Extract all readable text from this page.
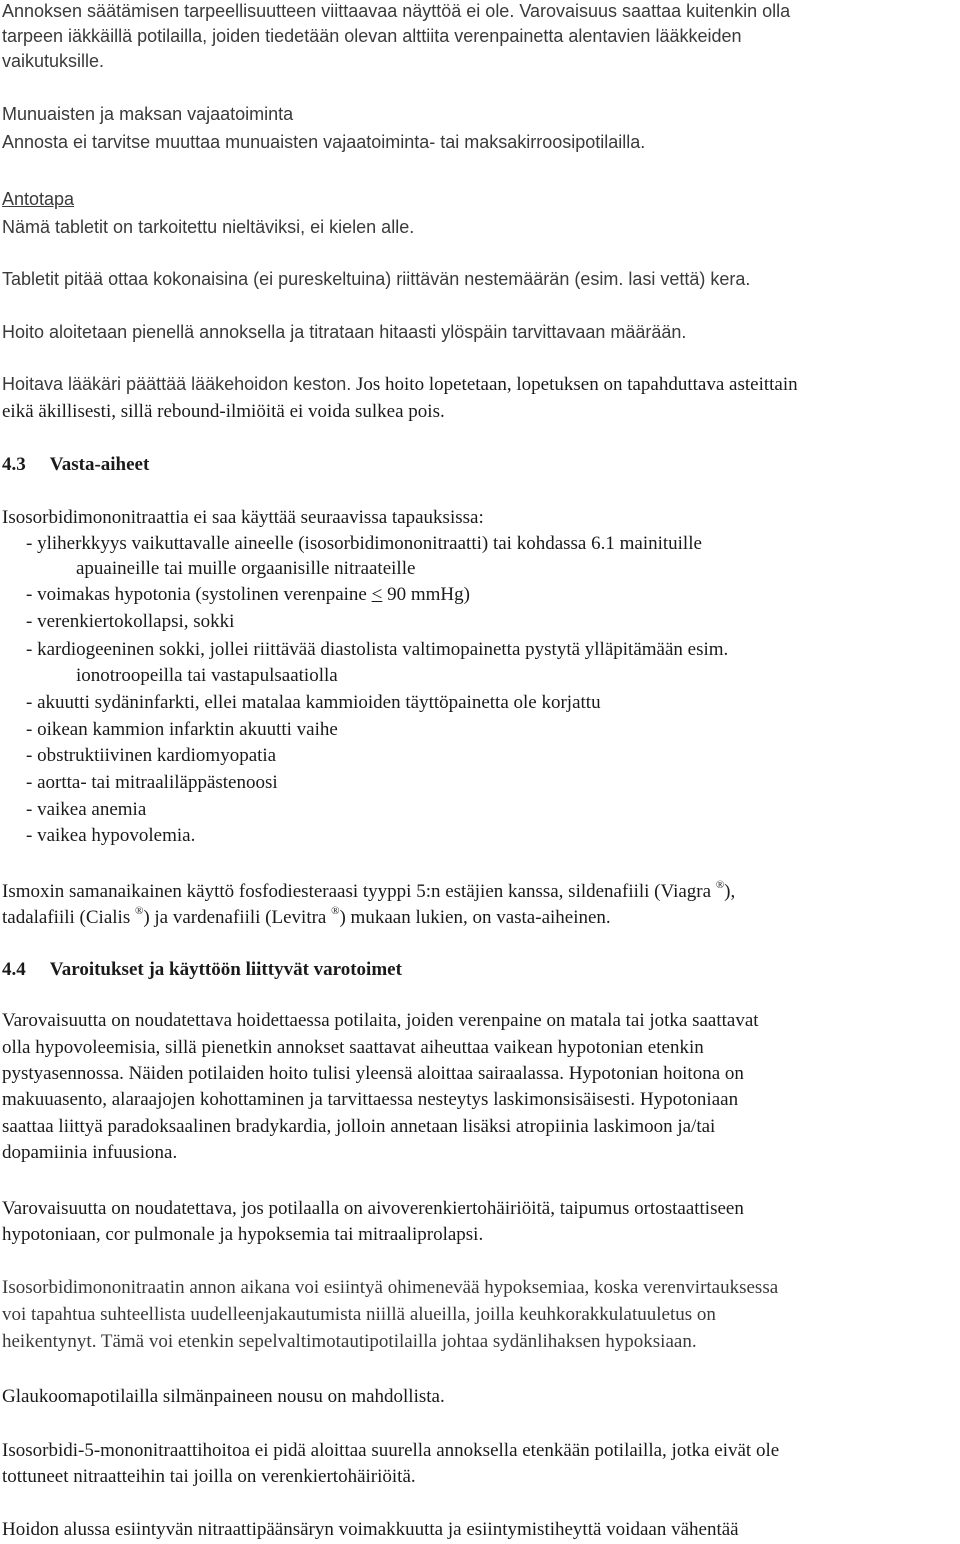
Annoksen säätämisen tarpeellisuutteen viittaavaa näyttöä ei ole. Varovaisuus saattaa kuitenkin olla
tarpeen iäkkäillä potilailla, joiden tiedetään olevan alttiita verenpainetta alentavien lääkkeiden
vaikutuksille.
Munuaisten ja maksan vajaatoiminta
Annosta ei tarvitse muuttaa munuaisten vajaatoiminta- tai maksakirroosipotilailla.
Antotapa
Nämä tabletit on tarkoitettu nieltäviksi, ei kielen alle.
Tabletit pitää ottaa kokonaisina (ei pureskeltuina) riittävän nestemäärän (esim. lasi vettä) kera.
Hoito aloitetaan pienellä annoksella ja titrataan hitaasti ylöspäin tarvittavaan määrään.
Hoitava lääkäri päättää lääkehoidon keston. Jos hoito lopetetaan, lopetuksen on tapahduttava asteittain
eikä äkillisesti, sillä rebound-ilmiöitä ei voida sulkea pois.
4.3 Vasta-aiheet
Isosorbidimononitraattia ei saa käyttää seuraavissa tapauksissa:
- yliherkkyys vaikuttavalle aineelle (isosorbidimononitraatti) tai kohdassa 6.1 mainituille
apuaineille tai muille orgaanisille nitraateille
- voimakas hypotonia (systolinen verenpaine ≤ 90 mmHg)
- verenkiertokollapsi, sokki
- kardiogeeninen sokki, jollei riittävää diastolista valtimopainetta pystytä ylläpitämään esim.
ionotroopeilla tai vastapulsaatiolla
- akuutti sydäninfarkti, ellei matalaa kammioiden täyttöpainetta ole korjattu
- oikean kammion infarktin akuutti vaihe
- obstruktiivinen kardiomyopatia
- aortta- tai mitraaliläppästenoosi
- vaikea anemia
- vaikea hypovolemia.
Ismoxin samanaikainen käyttö fosfodiesteraasi tyyppi 5:n estäjien kanssa, sildenafiili (Viagra ®),
tadalafiili (Cialis ®) ja vardenafiili (Levitra ®) mukaan lukien, on vasta-aiheinen.
4.4 Varoitukset ja käyttöön liittyvät varotoimet
Varovaisuutta on noudatettava hoidettaessa potilaita, joiden verenpaine on matala tai jotka saattavat
olla hypovoleemisia, sillä pienetkin annokset saattavat aiheuttaa vaikean hypotonian etenkin
pystyasennossa. Näiden potilaiden hoito tulisi yleensä aloittaa sairaalassa. Hypotonian hoitona on
makuuasento, alaraajojen kohottaminen ja tarvittaessa nesteytys laskimonsisäisesti. Hypotoniaan
saattaa liittyä paradoksaalinen bradykardia, jolloin annetaan lisäksi atropiinia laskimoon ja/tai
dopamiinia infuusiona.
Varovaisuutta on noudatettava, jos potilaalla on aivoverenkiertohäiriöitä, taipumus ortostaattiseen
hypotoniaan, cor pulmonale ja hypoksemia tai mitraaliprolapsi.
Isosorbidimononitraatin annon aikana voi esiintyä ohimenevää hypoksemiaa, koska verenvirtauksessa
voi tapahtua suhteellista uudelleenjakautumista niillä alueilla, joilla keuhkorakkulatuuletus on
heikentynyt. Tämä voi etenkin sepelvaltimotautipotilailla johtaa sydänlihaksen hypoksiaan.
Glaukoomapotilailla silmänpaineen nousu on mahdollista.
Isosorbidi-5-mononitraattihoitoa ei pidä aloittaa suurella annoksella etenkään potilailla, jotka eivät ole
tottuneet nitraatteihin tai joilla on verenkiertohäiriöitä.
Hoidon alussa esiintyvän nitraattipäänsäryn voimakkuutta ja esiintymistiheyttä voidaan vähentää
